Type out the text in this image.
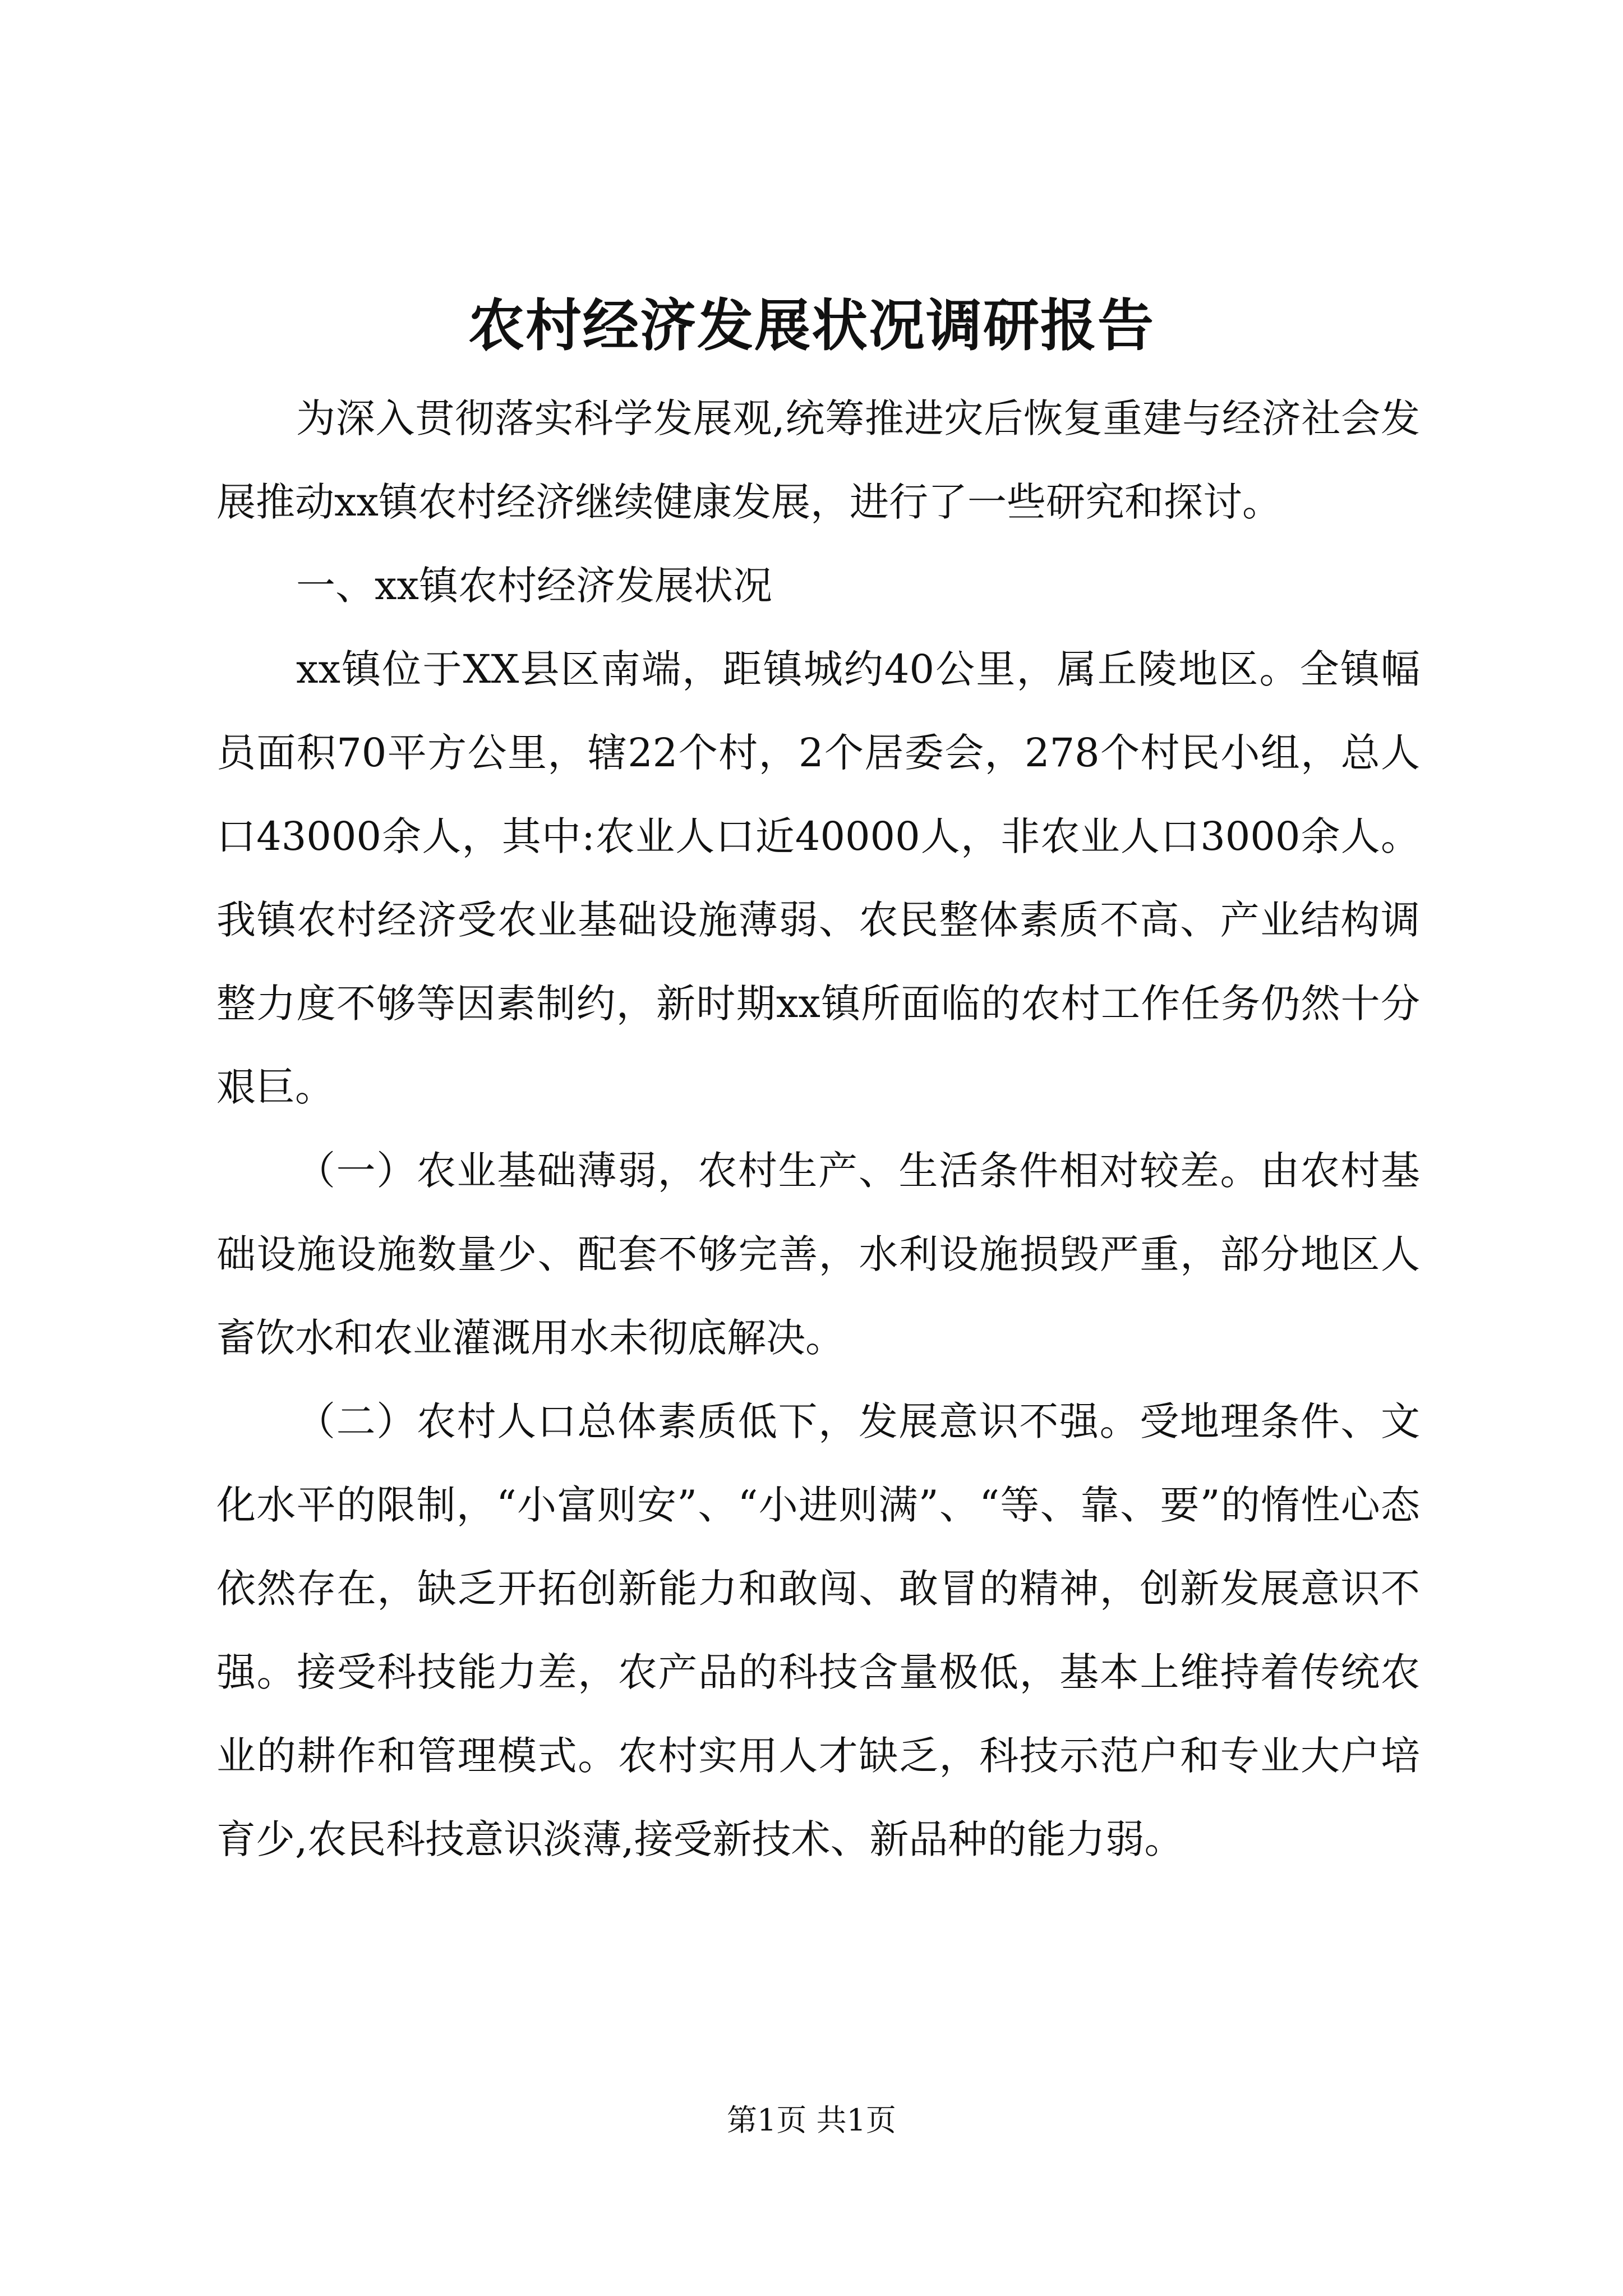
农村经济发展状况调研报告

为深入贯彻落实科学发展观,统筹推进灾后恢复重建与经济社会发展推动xx镇农村经济继续健康发展，进行了一些研究和探讨。

一、xx镇农村经济发展状况

xx镇位于XX县区南端，距镇城约40公里，属丘陵地区。全镇幅员面积70平方公里，辖22个村，2个居委会，278个村民小组，总人口43000余人，其中:农业人口近40000人，非农业人口3000余人。我镇农村经济受农业基础设施薄弱、农民整体素质不高、产业结构调整力度不够等因素制约，新时期xx镇所面临的农村工作任务仍然十分艰巨。

（一）农业基础薄弱，农村生产、生活条件相对较差。由农村基础设施设施数量少、配套不够完善，水利设施损毁严重，部分地区人畜饮水和农业灌溉用水未彻底解决。

（二）农村人口总体素质低下，发展意识不强。受地理条件、文化水平的限制，“小富则安”、“小进则满”、“等、靠、要”的惰性心态依然存在，缺乏开拓创新能力和敢闯、敢冒的精神，创新发展意识不强。接受科技能力差，农产品的科技含量极低，基本上维持着传统农业的耕作和管理模式。农村实用人才缺乏，科技示范户和专业大户培育少,农民科技意识淡薄,接受新技术、新品种的能力弱。

第1页 共1页
